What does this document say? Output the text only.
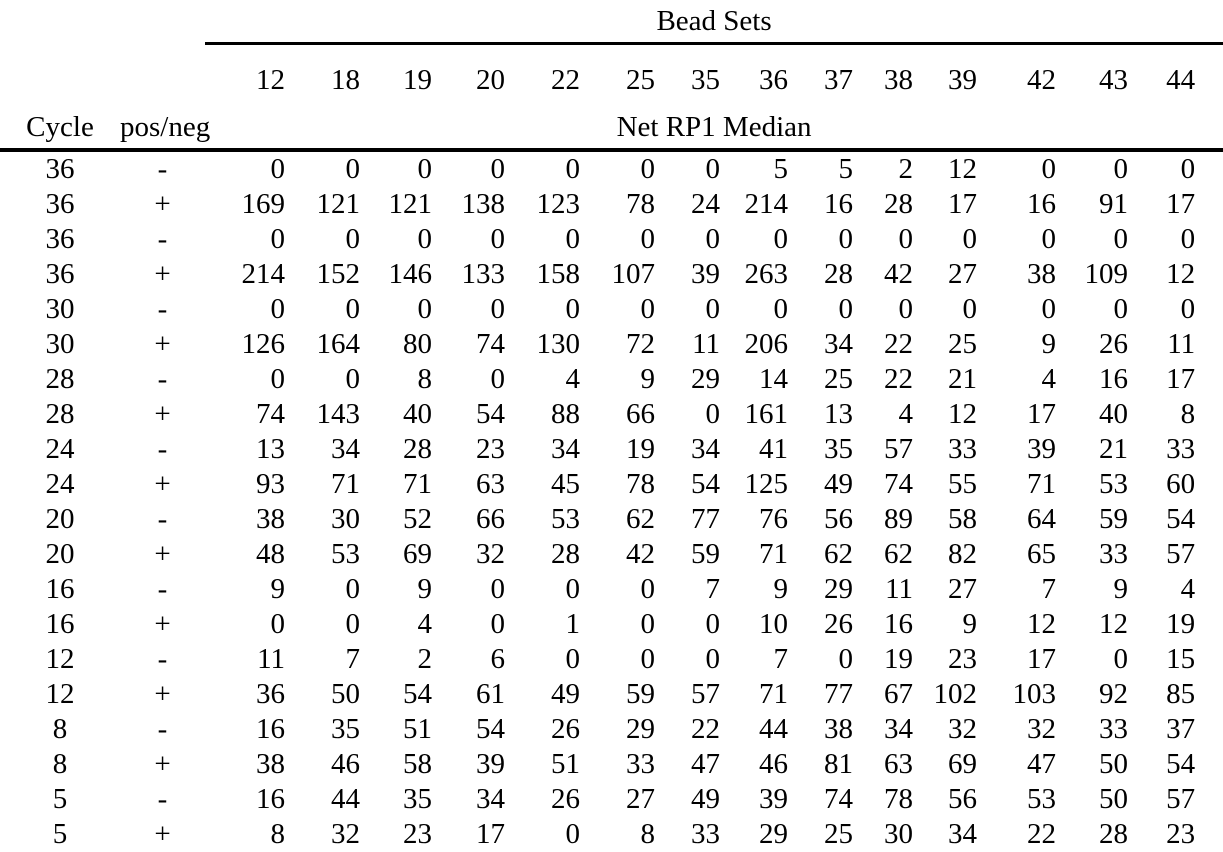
		Bead Sets													
		12	18	19	20	22	25	35	36	37	38	39	42	43	44
Cycle	pos/neg	Net RP1 Median													
36	-	0	0	0	0	0	0	0	5	5	2	12	0	0	0
36	+	169	121	121	138	123	78	24	214	16	28	17	16	91	17
36	-	0	0	0	0	0	0	0	0	0	0	0	0	0	0
36	+	214	152	146	133	158	107	39	263	28	42	27	38	109	12
30	-	0	0	0	0	0	0	0	0	0	0	0	0	0	0
30	+	126	164	80	74	130	72	11	206	34	22	25	9	26	11
28	-	0	0	8	0	4	9	29	14	25	22	21	4	16	17
28	+	74	143	40	54	88	66	0	161	13	4	12	17	40	8
24	-	13	34	28	23	34	19	34	41	35	57	33	39	21	33
24	+	93	71	71	63	45	78	54	125	49	74	55	71	53	60
20	-	38	30	52	66	53	62	77	76	56	89	58	64	59	54
20	+	48	53	69	32	28	42	59	71	62	62	82	65	33	57
16	-	9	0	9	0	0	0	7	9	29	11	27	7	9	4
16	+	0	0	4	0	1	0	0	10	26	16	9	12	12	19
12	-	11	7	2	6	0	0	0	7	0	19	23	17	0	15
12	+	36	50	54	61	49	59	57	71	77	67	102	103	92	85
8	-	16	35	51	54	26	29	22	44	38	34	32	32	33	37
8	+	38	46	58	39	51	33	47	46	81	63	69	47	50	54
5	-	16	44	35	34	26	27	49	39	74	78	56	53	50	57
5	+	8	32	23	17	0	8	33	29	25	30	34	22	28	23
